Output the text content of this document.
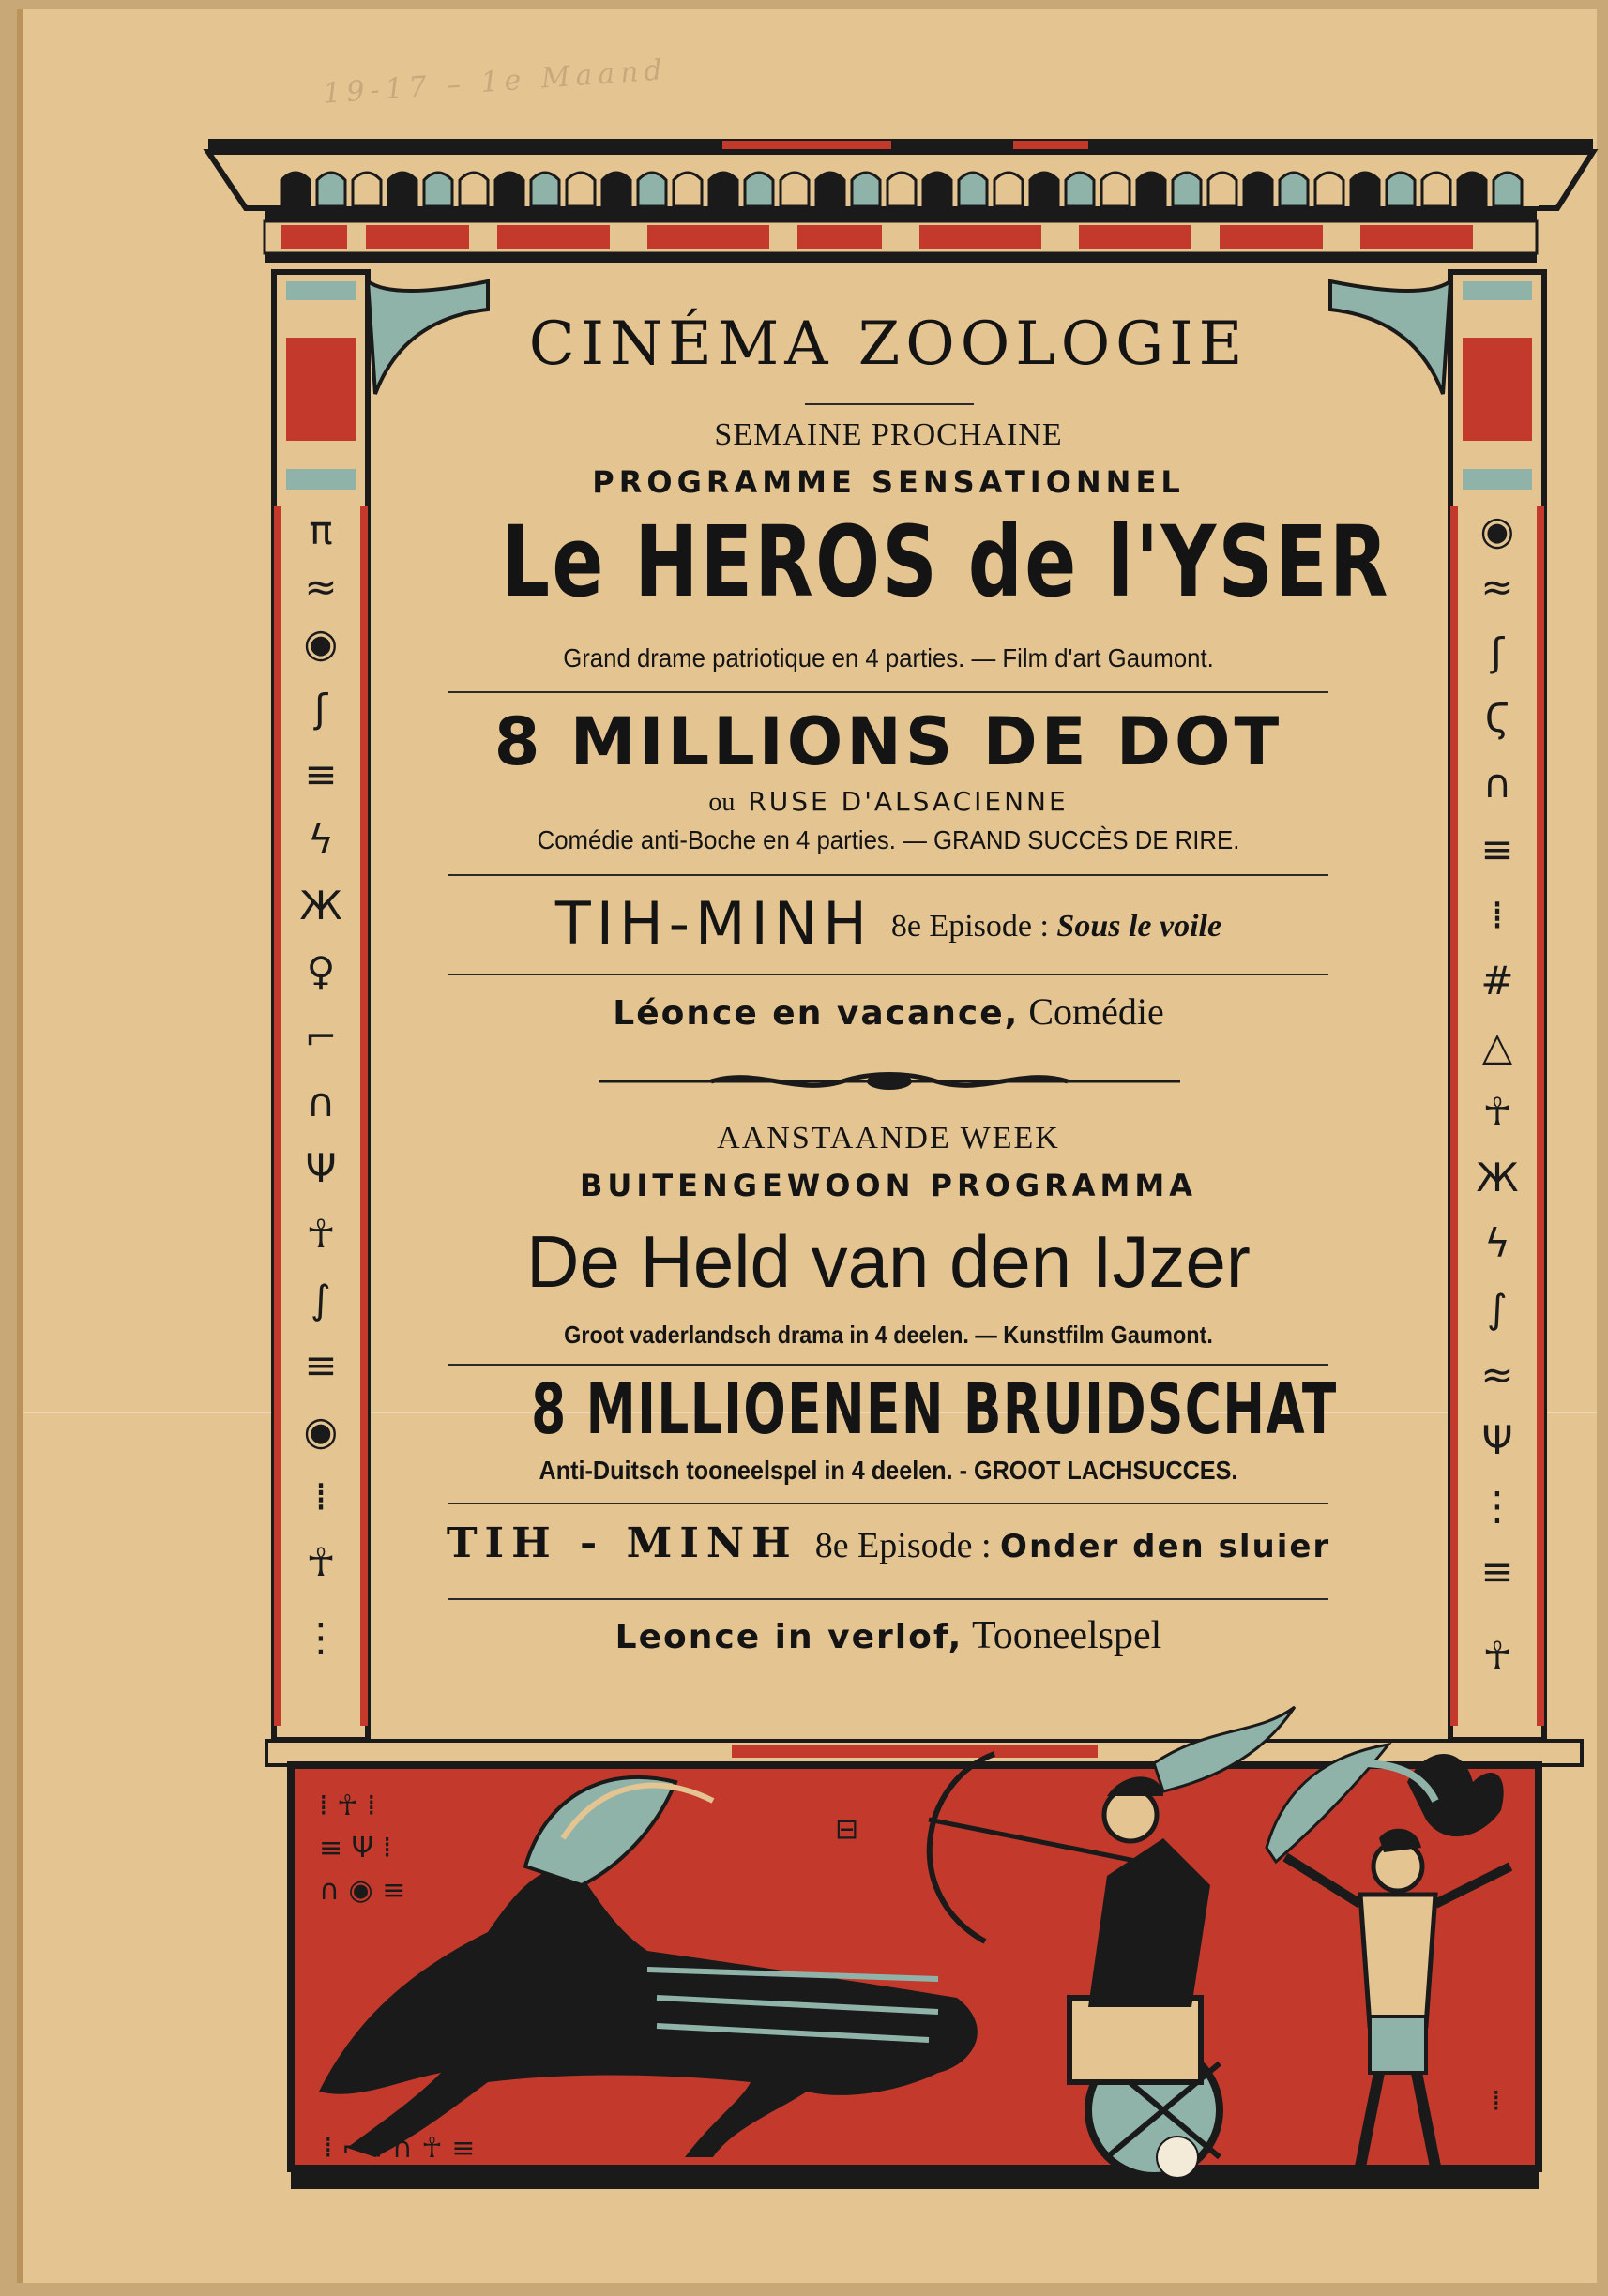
19-17 – 1e Maand
π
≈
◉
ʃ
≡
ϟ
Ж
♀
⌐
∩
Ψ
☥
∫
≡
◉
⁞
☥
⋮
◉
≈
ʃ
Ϛ
∩
≡
⁞
#
△
☥
Ж
ϟ
∫
≈
Ψ
⋮
≡
☥
⁞ ☥ ⁞
≡ Ψ ⁞
∩ ◉ ≡
⊟
⁞ ⌐ ⁞ ∩ ☥ ≡
⁞
CINÉMA ZOOLOGIE
SEMAINE PROCHAINE
PROGRAMME SENSATIONNEL
Le HEROS de l'YSER
Grand drame patriotique en 4 parties. — Film d'art Gaumont.
8 MILLIONS DE DOT
ou RUSE D'ALSACIENNE
Comédie anti-Boche en 4 parties. — GRAND SUCCÈS DE RIRE.
TIH-MINH 8e Episode : Sous le voile
Léonce en vacance, Comédie
AANSTAANDE WEEK
BUITENGEWOON PROGRAMMA
De Held van den IJzer
Groot vaderlandsch drama in 4 deelen. — Kunstfilm Gaumont.
8 MILLIOENEN BRUIDSCHAT
Anti-Duitsch tooneelspel in 4 deelen. - GROOT LACHSUCCES.
TIH - MINH 8e Episode : Onder den sluier
Leonce in verlof, Tooneelspel
